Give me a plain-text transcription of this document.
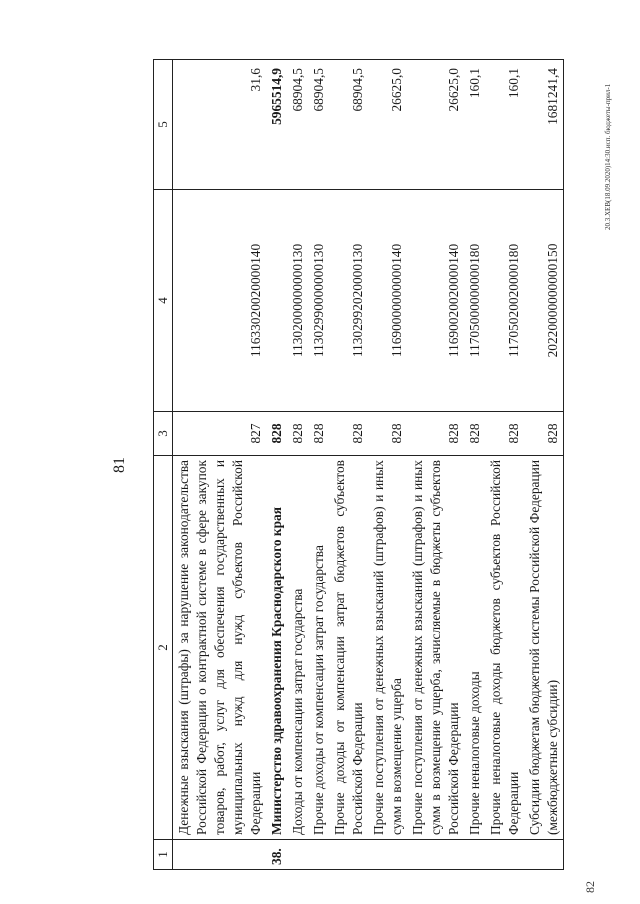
20.3.XEB(18.09.2020)14:30.исп. бюджеты-прил-1
82
81
1	2	3	4	5
	Денежные взыскания (штрафы) за нарушение законодательства Российской Федерации о контрактной системе в сфере закупок товаров, работ, услуг для обеспечения государственных и муниципальных нужд для нужд субъектов Российской Федерации	827	11633020020000140	31,6
38.	Министерство здравоохранения Краснодарского края	828		5965514,9
	Доходы от компенсации затрат государства	828	11302000000000130	68904,5
	Прочие доходы от компенсации затрат государства	828	11302990000000130	68904,5
	Прочие доходы от компенсации затрат бюджетов субъектов Российской Федерации	828	11302992020000130	68904,5
	Прочие поступления от денежных взысканий (штрафов) и иных сумм в возмещение ущерба	828	11690000000000140	26625,0
	Прочие поступления от денежных взысканий (штрафов) и иных сумм в возмещение ущерба, зачисляемые в бюджеты субъектов Российской Федерации	828	11690020020000140	26625,0
	Прочие неналоговые доходы	828	11705000000000180	160,1
	Прочие неналоговые доходы бюджетов субъектов Российской Федерации	828	11705020020000180	160,1
	Субсидии бюджетам бюджетной системы Российской Федерации (межбюджетные субсидии)	828	20220000000000150	1681241,4
